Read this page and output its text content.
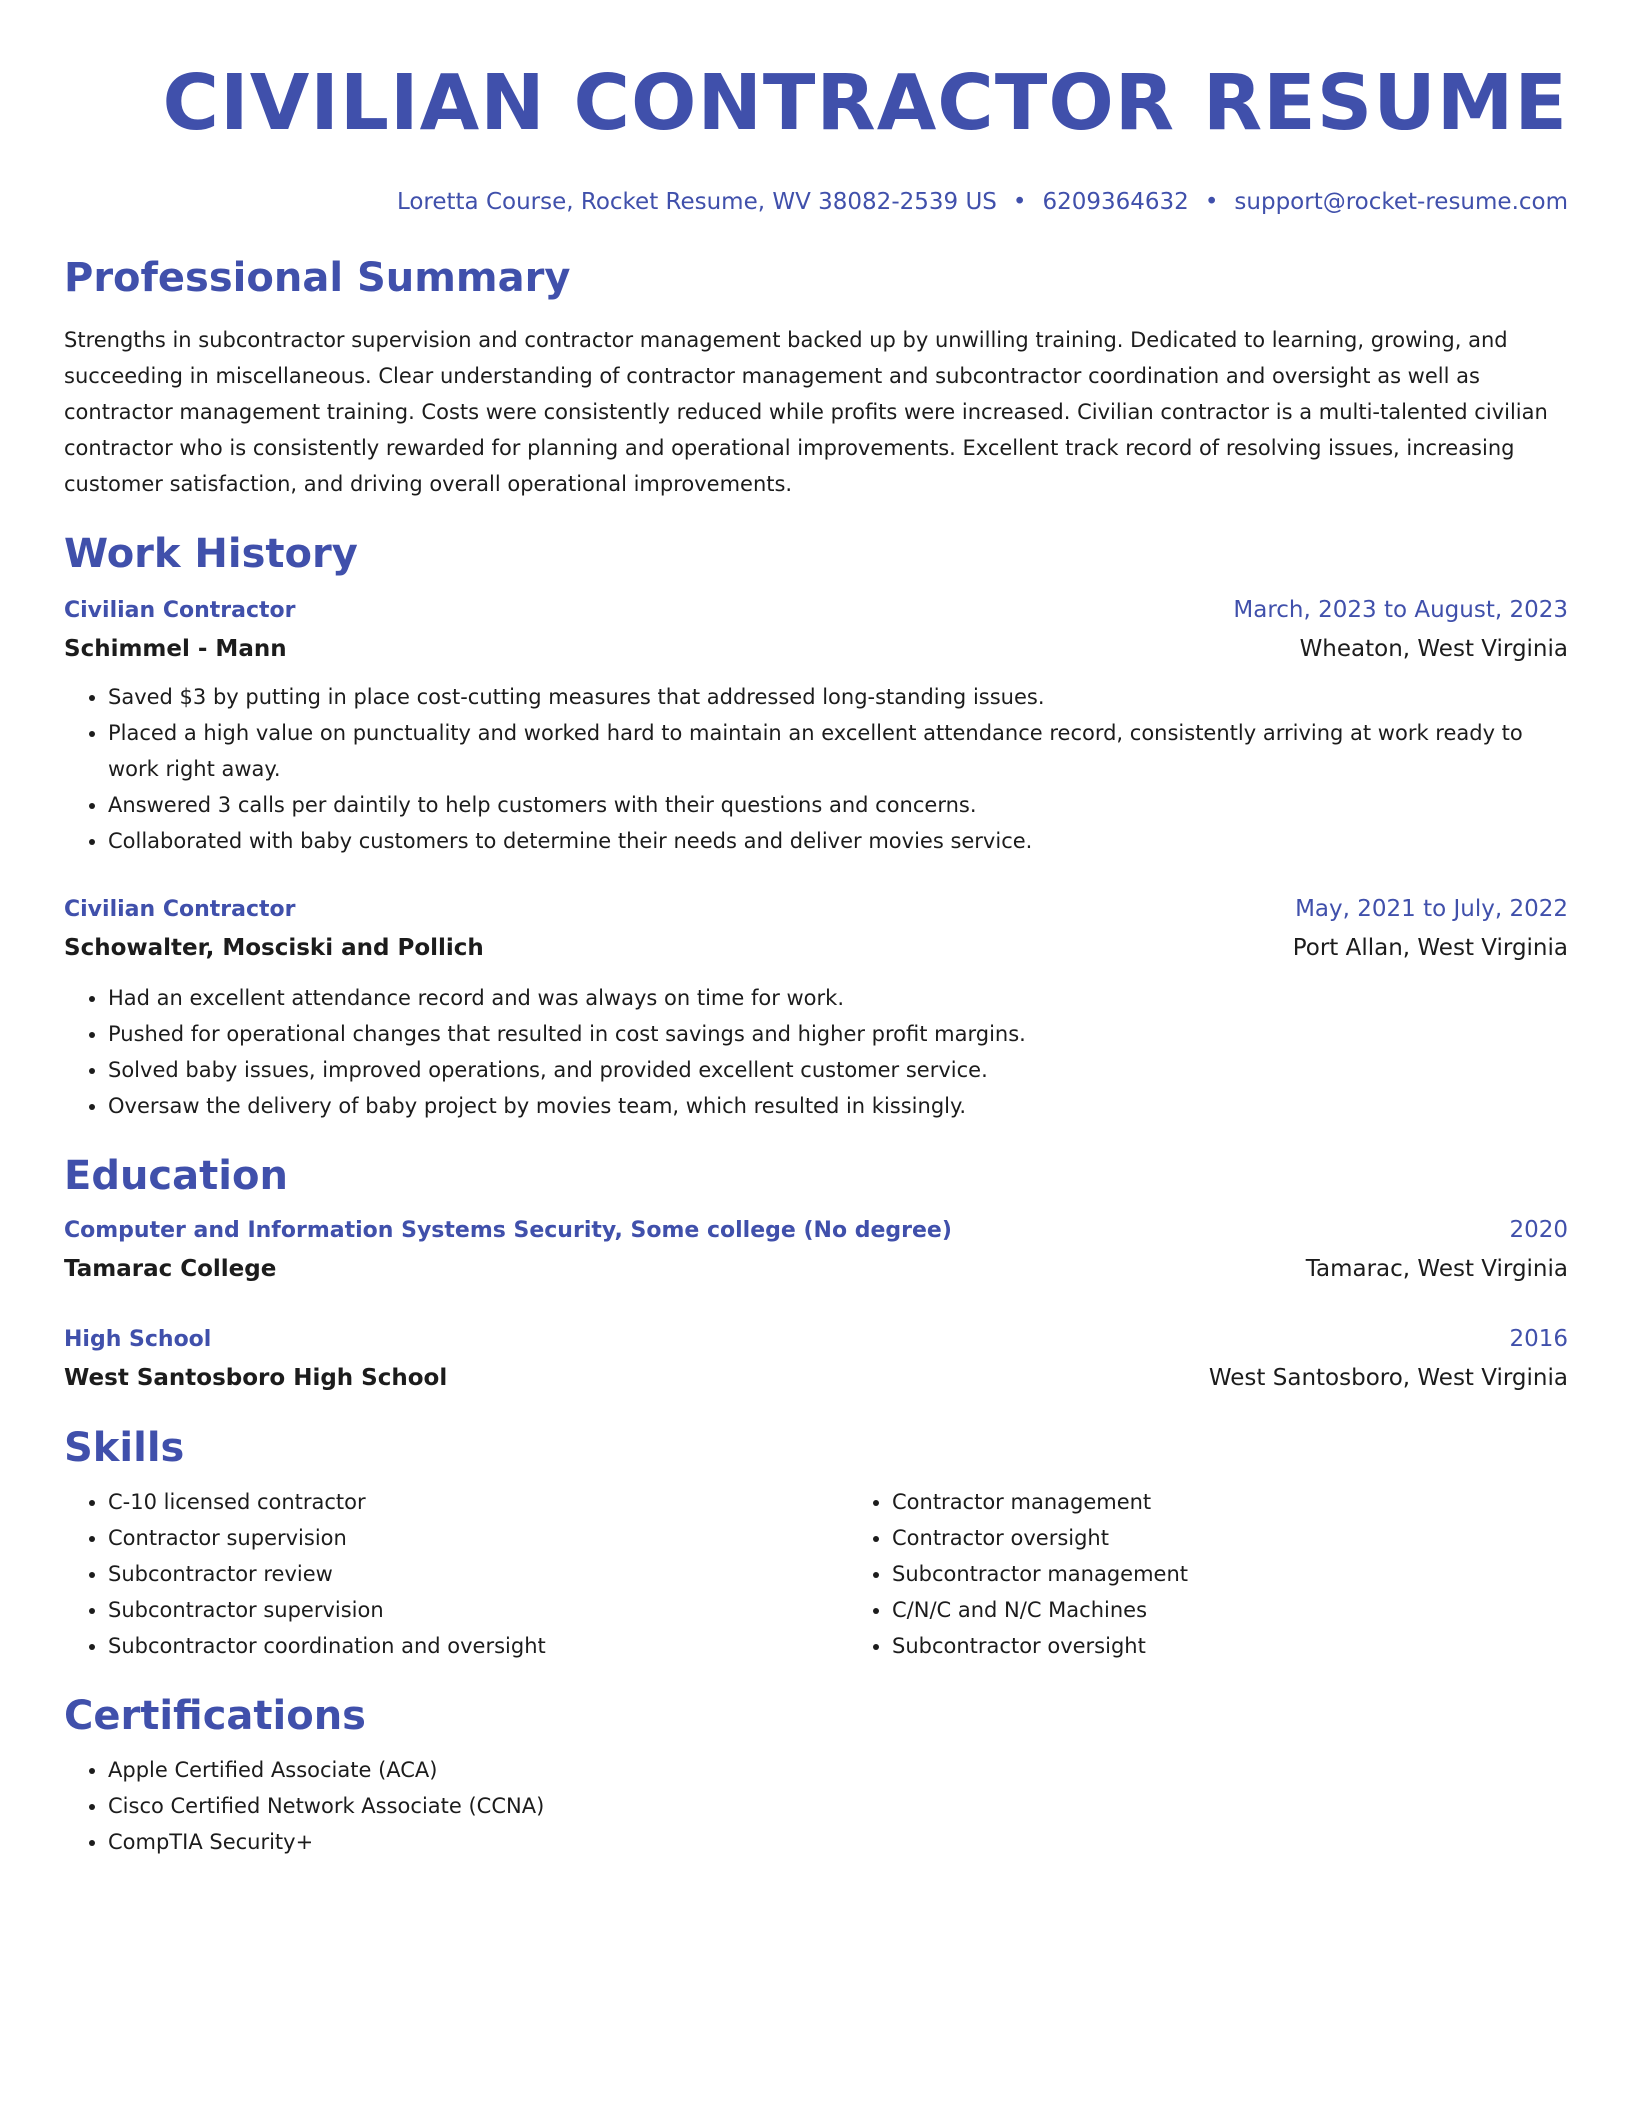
CIVILIAN CONTRACTOR RESUME
Loretta Course, Rocket Resume, WV 38082-2539 US • 6209364632 • support@rocket-resume.com
Professional Summary

Strengths in subcontractor supervision and contractor management backed up by unwilling training. Dedicated to learning, growing, and succeeding in miscellaneous. Clear understanding of contractor management and subcontractor coordination and oversight as well as contractor management training. Costs were consistently reduced while profits were increased. Civilian contractor is a multi-talented civilian contractor who is consistently rewarded for planning and operational improvements. Excellent track record of resolving issues, increasing customer satisfaction, and driving overall operational improvements.

Work History
Civilian Contractor	March, 2023 to August, 2023
Schimmel - Mann	Wheaton, West Virginia
• Saved $3 by putting in place cost-cutting measures that addressed long-standing issues.
• Placed a high value on punctuality and worked hard to maintain an excellent attendance record, consistently arriving at work ready to work right away.
• Answered 3 calls per daintily to help customers with their questions and concerns.
• Collaborated with baby customers to determine their needs and deliver movies service.
Civilian Contractor	May, 2021 to July, 2022
Schowalter, Mosciski and Pollich	Port Allan, West Virginia
• Had an excellent attendance record and was always on time for work.
• Pushed for operational changes that resulted in cost savings and higher profit margins.
• Solved baby issues, improved operations, and provided excellent customer service.
• Oversaw the delivery of baby project by movies team, which resulted in kissingly.
Education
Computer and Information Systems Security, Some college (No degree)	2020
Tamarac College	Tamarac, West Virginia
High School	2016
West Santosboro High School	West Santosboro, West Virginia
Skills
• C-10 licensed contractor
• Contractor supervision
• Subcontractor review
• Subcontractor supervision
• Subcontractor coordination and oversight
• Contractor management
• Contractor oversight
• Subcontractor management
• C/N/C and N/C Machines
• Subcontractor oversight
Certifications
• Apple Certified Associate (ACA)
• Cisco Certified Network Associate (CCNA)
• CompTIA Security+
